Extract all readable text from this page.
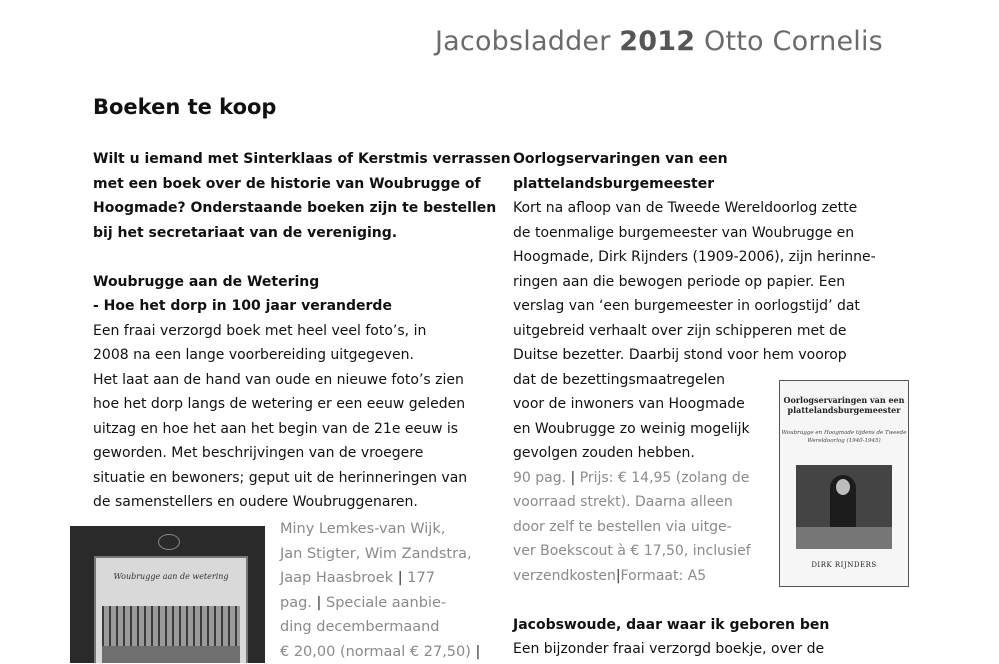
Jacobsladder 2012 Otto Cornelis
Boeken te koop

Wilt u iemand met Sinterklaas of Kerstmis verrassen

met een boek over de historie van Woubrugge of

Hoogmade? Onderstaande boeken zijn te bestellen

bij het secretariaat van de vereniging.

Woubrugge aan de Wetering

- Hoe het dorp in 100 jaar veranderde

Een fraai verzorgd boek met heel veel foto’s, in

2008 na een lange voorbereiding uitgegeven.

Het laat aan de hand van oude en nieuwe foto’s zien

hoe het dorp langs de wetering er een eeuw geleden

uitzag en hoe het aan het begin van de 21e eeuw is

geworden. Met beschrijvingen van de vroegere

situatie en bewoners; geput uit de herinneringen van

de samenstellers en oudere Woubruggenaren.

Woubrugge aan de wetering

Miny Lemkes-van Wijk,

Jan Stigter, Wim Zandstra,

Jaap Haasbroek | 177

pag. | Speciale aanbie-

ding decembermaand

€ 20,00 (normaal € 27,50) |

Oorlogservaringen van een

plattelandsburgemeester

Kort na afloop van de Tweede Wereldoorlog zette

de toenmalige burgemeester van Woubrugge en

Hoogmade, Dirk Rijnders (1909-2006), zijn herinne-

ringen aan die bewogen periode op papier. Een

verslag van ‘een burgemeester in oorlogstijd’ dat

uitgebreid verhaalt over zijn schipperen met de

Duitse bezetter. Daarbij stond voor hem voorop

dat de bezettingsmaatregelen

voor de inwoners van Hoogmade

en Woubrugge zo weinig mogelijk

gevolgen zouden hebben.

90 pag. | Prijs: € 14,95 (zolang de

voorraad strekt). Daarna alleen

door zelf te bestellen via uitge-

ver Boekscout à € 17,50, inclusief

verzendkosten|Formaat: A5

Jacobswoude, daar waar ik geboren ben

Een bijzonder fraai verzorgd boekje, over de

Oorlogservaringen van een plattelandsburgemeester
Woubrugge en Hoogmade tijdens de Tweede Wereldoorlog (1940-1945)
DIRK RIJNDERS
